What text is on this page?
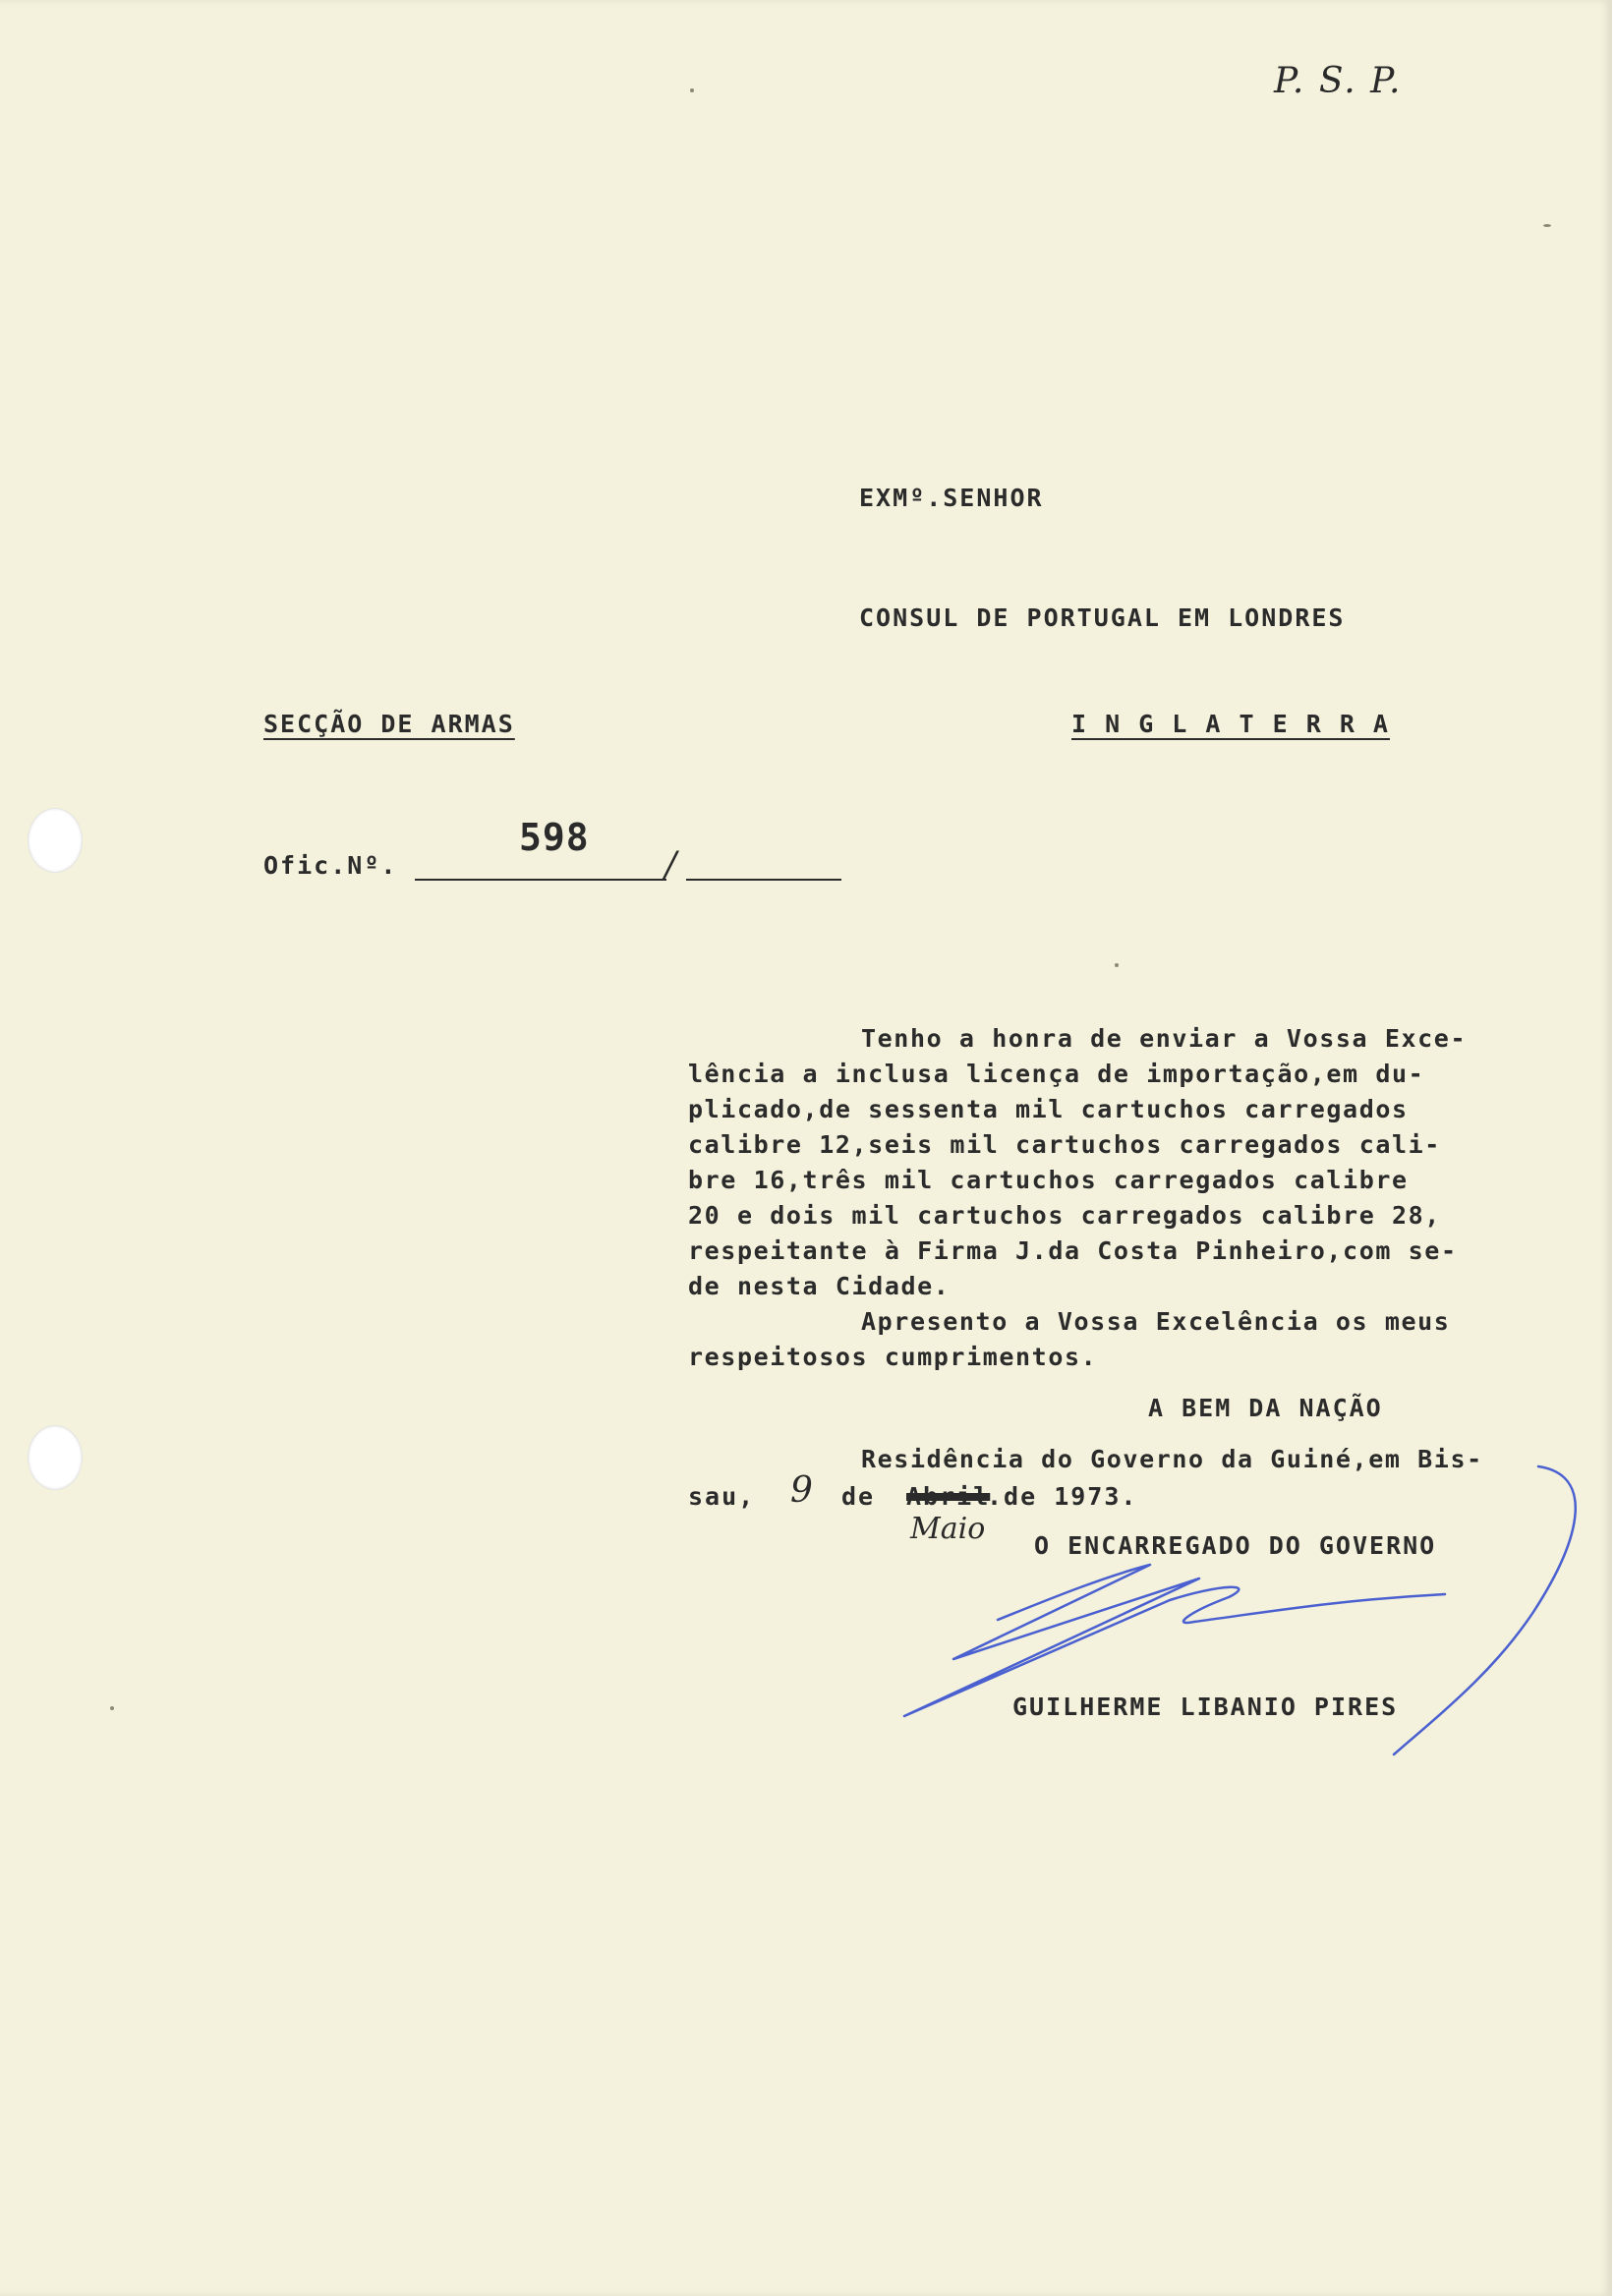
P. S. P.
EXMº.SENHOR
CONSUL DE PORTUGAL EM LONDRES
SECÇÃO DE ARMAS	I N G L A T E R R A
Ofic.Nº.
598
/
Tenho a honra de enviar a Vossa Exce-
lência a inclusa licença de importação,em du-
plicado,de sessenta mil cartuchos carregados
calibre 12,seis mil cartuchos carregados cali-
bre 16,três mil cartuchos carregados calibre
20 e dois mil cartuchos carregados calibre 28,
respeitante à Firma J.da Costa Pinheiro,com se-
de nesta Cidade.
Apresento a Vossa Excelência os meus
respeitosos cumprimentos.
A BEM DA NAÇÃO
Residência do Governo da Guiné,em Bis-
sau, 9 de Abril
.de 1973.
Maio O ENCARREGADO DO GOVERNO
GUILHERME LIBANIO PIRES
